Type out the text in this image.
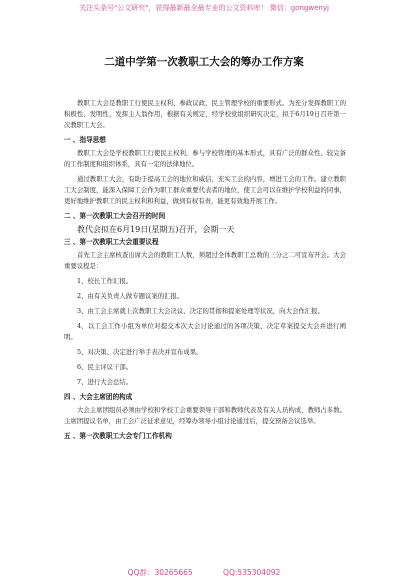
关注头条号"公文研究"，获得最新最全最专业的公文资料库！ 微信：gongwenyj
二道中学第一次教职工大会的筹办工作方案

教职工大会是教职工行使民主权利、参政议政、民主管理学校的重要形式。为充分发挥教职工的积极性、发明性，发挥主人翁作用，根据有关规定，经学校党组织研究决定，拟于6月19日召开第一次教职工大会。

一 、指导思想

教职工大会是学校教职工行使民主权利，参与学校管理的基本形式，具有广泛的群众性、较完备的工作制度和组织体系，具有一定的法律地位。

通过教职工大会，有助于提高工会的地位和威信，充实工会的内容，增进工会的工作。建立教职工大会制度，能深入保障工会作为职工群众重要代表者的地位，使工会可以在维护学校利益的同事，更好地维护教职工的民主权利和利益，做到有权有责，能更有效地开展工作。

二 、第一次教职工大会召开的时间

教代会拟在6月19日(星期五)召开，会期一天

三 、第一次教职工大会重要议程

首先工会主席核查出席大会的教职工人数，须超过全体教职工总数的三分之二可宣布开会。大会重要议程是：

1、校长工作汇报。

2、由有关负责人做专题议案的汇报。

3、由工会主席就上次教职工大会决议、决定的贯彻和提案处理等状况，向大会作汇报。

4、以工会工作小组为单位对提交本次大会讨论通过的各项决策、决定草案提交大会并进行阐明。

5、对决策、决定进行举手表决并宣布成果。

6、民主评议干部。

7、进行大会总结。

四 、大会主席团的构成

大会主席团组员必须由学校和学校工会重要领导干部和教师代表及有关人员构成，教师占多数。主席团提议名单，由工会广泛征求意见，经筹办领导小组讨论通过后，提交预备会议选举。

五 、第一次教职工大会专门工作机构
QQ群：30265665	QQ:535304092
